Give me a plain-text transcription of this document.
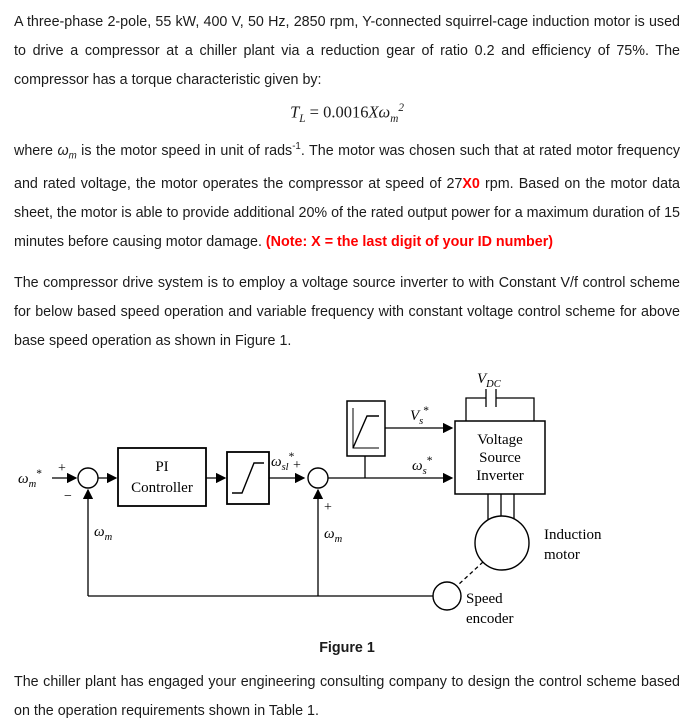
A three-phase 2-pole, 55 kW, 400 V, 50 Hz, 2850 rpm, Y-connected squirrel-cage induction motor is used to drive a compressor at a chiller plant via a reduction gear of ratio 0.2 and efficiency of 75%. The compressor has a torque characteristic given by:

$T_L = 0.0016X\omega_m^2$

where $\omega_m$ is the motor speed in unit of rads$^{-1}$. The motor was chosen such that at rated motor frequency and rated voltage, the motor operates the compressor at speed of 27X0 rpm. Based on the motor data sheet, the motor is able to provide additional 20% of the rated output power for a maximum duration of 15 minutes before causing motor damage. (Note: X = the last digit of your ID number)

The compressor drive system is to employ a voltage source inverter to with Constant V/f control scheme for below based speed operation and variable frequency with constant voltage control scheme for above base speed operation as shown in Figure 1.

PI
Controller
Voltage
Source
Inverter
$\omega_m^*$ +
−
$\omega_{sl}^*$
+
+
$V_s^*$
$\omega_s^*$
$V_{DC}$
Induction
motor
Speed
encoder
$\omega_m$	$\omega_m$
Figure 1

The chiller plant has engaged your engineering consulting company to design the control scheme based on the operation requirements shown in Table 1.
